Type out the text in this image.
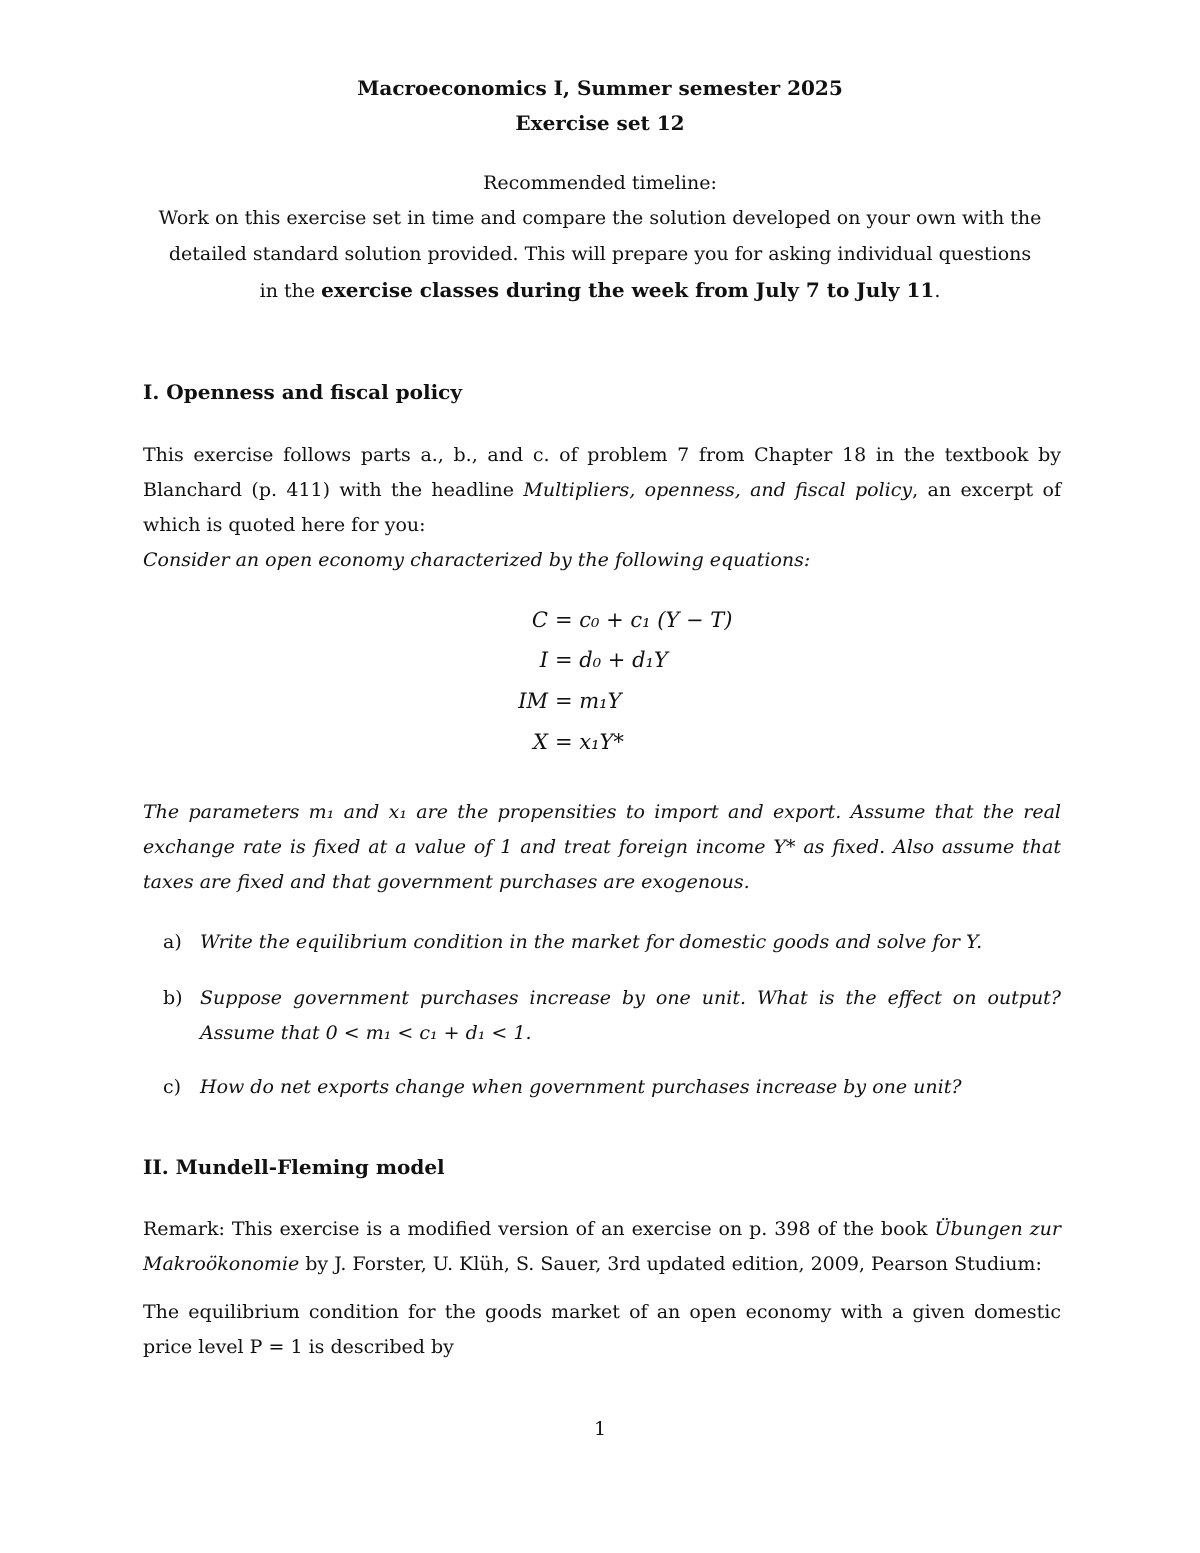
Macroeconomics I, Summer semester 2025
Exercise set 12
Recommended timeline:
Work on this exercise set in time and compare the solution developed on your own with the
detailed standard solution provided. This will prepare you for asking individual questions
in the exercise classes during the week from July 7 to July 11.
I. Openness and fiscal policy
This exercise follows parts a., b., and c. of problem 7 from Chapter 18 in the textbook by Blanchard (p. 411) with the headline Multipliers, openness, and fiscal policy, an excerpt of which is quoted here for you:
Consider an open economy characterized by the following equations:
C = c₀ + c₁ (Y − T)
I = d₀ + d₁Y
IM = m₁Y
X = x₁Y*
The parameters m₁ and x₁ are the propensities to import and export. Assume that the real exchange rate is fixed at a value of 1 and treat foreign income Y* as fixed. Also assume that taxes are fixed and that government purchases are exogenous.
a) Write the equilibrium condition in the market for domestic goods and solve for Y.
b) Suppose government purchases increase by one unit. What is the effect on output? Assume that 0 < m₁ < c₁ + d₁ < 1.
c) How do net exports change when government purchases increase by one unit?
II. Mundell-Fleming model
Remark: This exercise is a modified version of an exercise on p. 398 of the book Übungen zur Makroökonomie by J. Forster, U. Klüh, S. Sauer, 3rd updated edition, 2009, Pearson Studium:
The equilibrium condition for the goods market of an open economy with a given domestic price level P = 1 is described by
1
